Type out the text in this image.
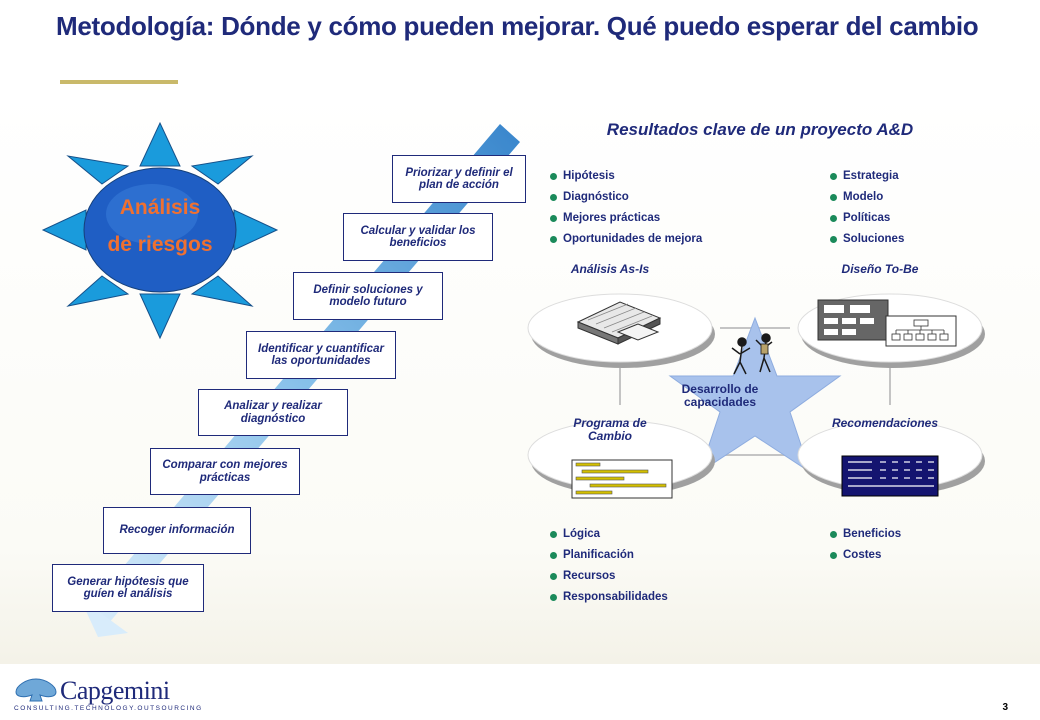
Metodología: Dónde y cómo pueden mejorar. Qué puedo esperar del cambio
Análisis
de riesgos
Generar hipótesis que guíen el análisis
Recoger información
Comparar con mejores prácticas
Analizar y realizar diagnóstico
Identificar y cuantificar las oportunidades
Definir soluciones y modelo futuro
Calcular y validar los beneficios
Priorizar y definir el plan de acción
Resultados clave de un proyecto A&D
Hipótesis
Diagnóstico
Mejores prácticas
Oportunidades de mejora
Estrategia
Modelo
Políticas
Soluciones
Análisis As-Is	Diseño To-Be
Programa de Cambio
Recomendaciones
Desarrollo de capacidades
Lógica
Planificación
Recursos
Responsabilidades
Beneficios
Costes
Capgemini
CONSULTING.TECHNOLOGY.OUTSOURCING	3
